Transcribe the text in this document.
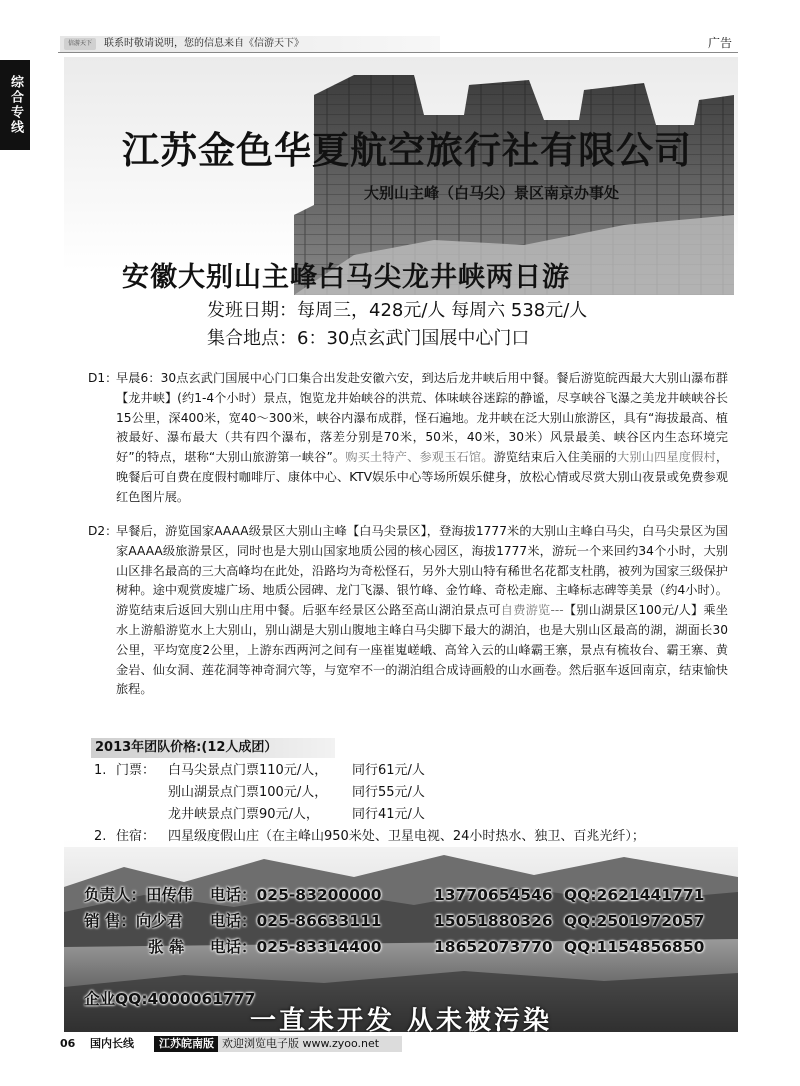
信游天下	联系时敬请说明，您的信息来自《信游天下》	广告
综合专线
江苏金色华夏航空旅行社有限公司
大别山主峰（白马尖）景区南京办事处
安徽大别山主峰白马尖龙井峡两日游
发班日期：每周三，428元/人 每周六 538元/人
集合地点：6：30点玄武门国展中心门口
D1：
早晨6：30点玄武门国展中心门口集合出发赴安徽六安，到达后龙井峡后用中餐。餐后游览皖西最大大别山瀑布群【龙井峡】(约1-4个小时）景点，饱览龙井始峡谷的洪荒、体味峡谷迷踪的静谧，尽享峡谷飞瀑之美龙井峡峡谷长15公里，深400米，宽40～300米，峡谷内瀑布成群，怪石遍地。龙井峡在泛大别山旅游区，具有“海拔最高、植被最好、瀑布最大（共有四个瀑布，落差分别是70米，50米，40米，30米）风景最美、峡谷区内生态环境完好”的特点，堪称“大别山旅游第一峡谷”。购买土特产、参观玉石馆。游览结束后入住美丽的大别山四星度假村，晚餐后可自费在度假村咖啡厅、康体中心、KTV娱乐中心等场所娱乐健身，放松心情或尽赏大别山夜景或免费参观红色图片展。
D2：
早餐后，游览国家AAAA级景区大别山主峰【白马尖景区】，登海拔1777米的大别山主峰白马尖，白马尖景区为国家AAAA级旅游景区，同时也是大别山国家地质公园的核心园区，海拔1777米，游玩一个来回约34个小时，大别山区排名最高的三大高峰均在此处，沿路均为奇松怪石，另外大别山特有稀世名花都支杜鹃，被列为国家三级保护树种。途中观赏废墟广场、地质公园碑、龙门飞瀑、银竹峰、金竹峰、奇松走廊、主峰标志碑等美景（约4小时）。游览结束后返回大别山庄用中餐。后驱车经景区公路至高山湖泊景点可自费游览---【别山湖景区100元/人】乘坐水上游船游览水上大别山，别山湖是大别山腹地主峰白马尖脚下最大的湖泊，也是大别山区最高的湖，湖面长30公里，平均宽度2公里，上游东西两河之间有一座崔嵬嵯峨、高耸入云的山峰霸王寨，景点有梳妆台、霸王寨、黄金岩、仙女洞、莲花洞等神奇洞穴等，与宽窄不一的湖泊组合成诗画般的山水画卷。然后驱车返回南京，结束愉快旅程。
2013年团队价格:(12人成团）
1. 门票： 白马尖景点门票110元/人， 同行61元/人
别山湖景点门票100元/人， 同行55元/人
龙井峡景点门票90元/人，	同行41元/人
2. 住宿： 四星级度假山庄（在主峰山950米处、卫星电视、24小时热水、独卫、百兆光纤）；
负责人：田传伟 电话：025-83200000	13770654546 QQ:2621441771
销 售：向少君 电话：025-86633111	15051880326 QQ:2501972057
张 犇 电话：025-83314400	18652073770 QQ:1154856850
企业QQ:4000061777
一直未开发 从未被污染
06 国内长线	江苏皖南版 欢迎浏览电子版 www.zyoo.net
